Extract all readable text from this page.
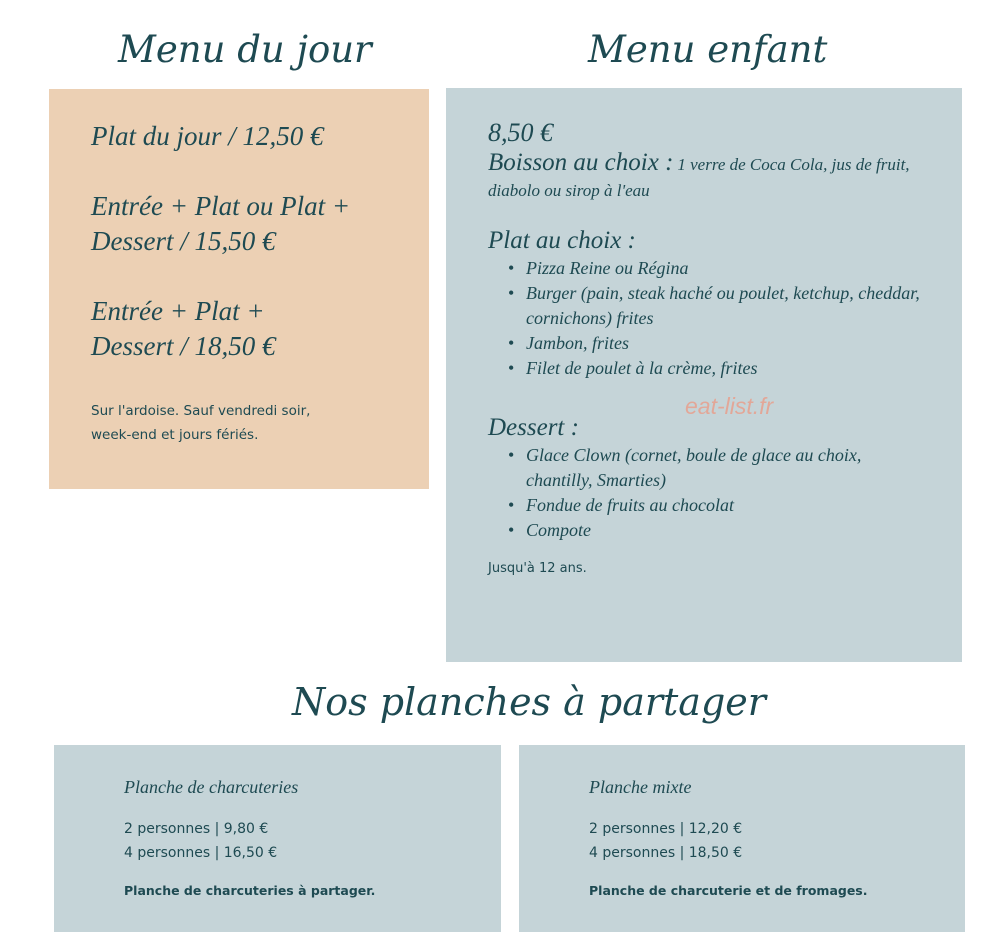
Menu du jour

Plat du jour / 12,50 €

Entrée + Plat ou Plat +
Dessert / 15,50 €

Entrée + Plat +
Dessert / 18,50 €

Sur l'ardoise. Sauf vendredi soir,
week-end et jours fériés.

Menu enfant

8,50 €

Boisson au choix : 1 verre de Coca Cola, jus de fruit, diabolo ou sirop à l'eau

Plat au choix :

• Pizza Reine ou Régina
• Burger (pain, steak haché ou poulet, ketchup, cheddar, cornichons) frites
• Jambon, frites
• Filet de poulet à la crème, frites

Dessert :

• Glace Clown (cornet, boule de glace au choix, chantilly, Smarties)
• Fondue de fruits au chocolat
• Compote
Jusqu'à 12 ans.
eat-list.fr
Nos planches à partager

Planche de charcuteries

2 personnes | 9,80 €

4 personnes | 16,50 €

Planche de charcuteries à partager.

Planche mixte

2 personnes | 12,20 €

4 personnes | 18,50 €

Planche de charcuterie et de fromages.
